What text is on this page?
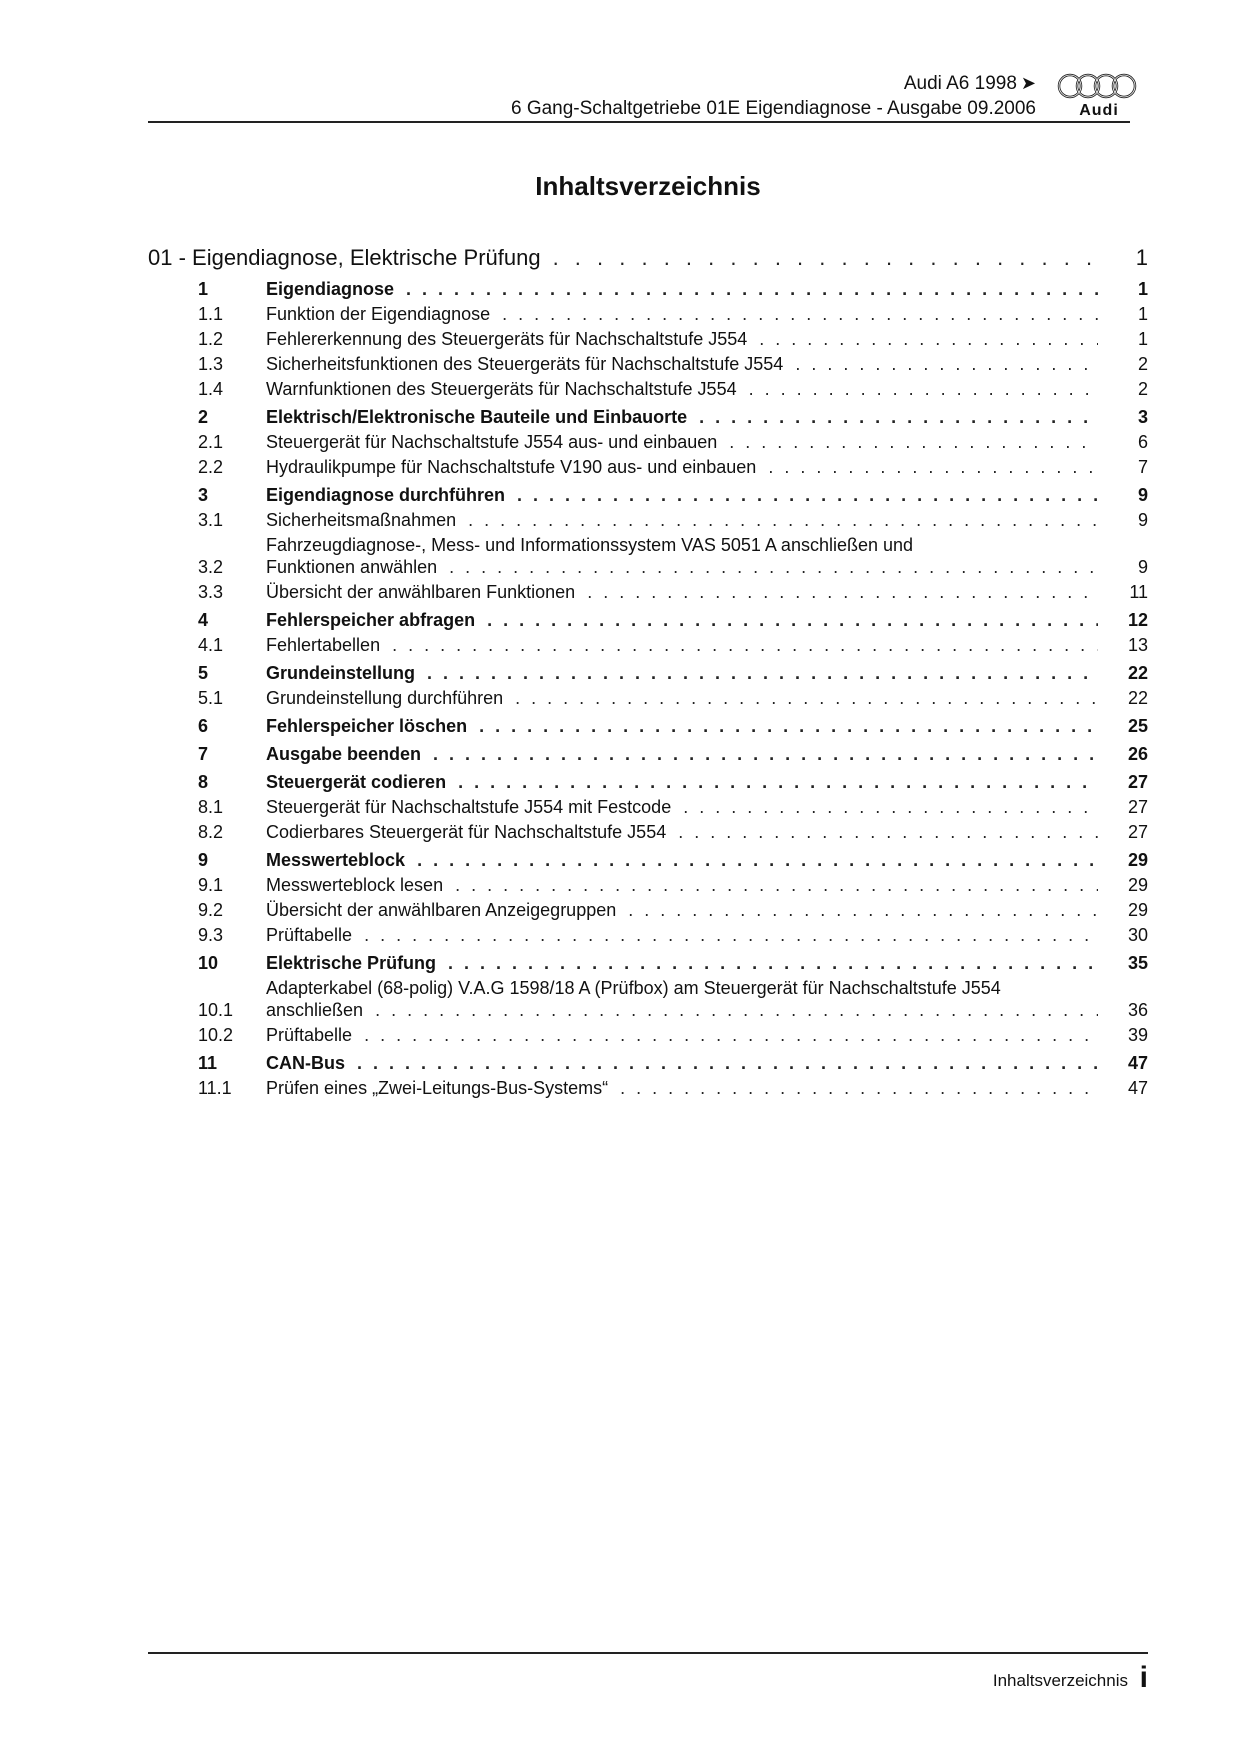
Audi A6 1998 ➤
6 Gang-Schaltgetriebe 01E Eigendiagnose - Ausgabe 09.2006	Audi
Inhaltsverzeichnis
01 - Eigendiagnose, Elektrische Prüfung . . .	1
1	Eigendiagnose . . .	1
1.1	Funktion der Eigendiagnose . . .	1
1.2	Fehlererkennung des Steuergeräts für Nachschaltstufe J554 . . .	1
1.3	Sicherheitsfunktionen des Steuergeräts für Nachschaltstufe J554 . . .	2
1.4	Warnfunktionen des Steuergeräts für Nachschaltstufe J554 . . .	2
2	Elektrisch/Elektronische Bauteile und Einbauorte . . .	3
2.1	Steuergerät für Nachschaltstufe J554 aus- und einbauen . . .	6
2.2	Hydraulikpumpe für Nachschaltstufe V190 aus- und einbauen . . .	7
3	Eigendiagnose durchführen . . .	9
3.1	Sicherheitsmaßnahmen . . .	9
3.2
Fahrzeugdiagnose-, Mess- und Informationssystem VAS 5051 A anschließen und
Funktionen anwählen . . .	9
3.3	Übersicht der anwählbaren Funktionen . . .	11
4	Fehlerspeicher abfragen . . .	12
4.1	Fehlertabellen . . .	13
5	Grundeinstellung . . .	22
5.1	Grundeinstellung durchführen . . .	22
6	Fehlerspeicher löschen . . .	25
7	Ausgabe beenden . . .	26
8	Steuergerät codieren . . .	27
8.1	Steuergerät für Nachschaltstufe J554 mit Festcode . . .	27
8.2	Codierbares Steuergerät für Nachschaltstufe J554 . . .	27
9	Messwerteblock . . .	29
9.1	Messwerteblock lesen . . .	29
9.2	Übersicht der anwählbaren Anzeigegruppen . . .	29
9.3	Prüftabelle . . .	30
10	Elektrische Prüfung . . .	35
10.1
Adapterkabel (68-polig) V.A.G 1598/18 A (Prüfbox) am Steuergerät für Nachschaltstufe J554
anschließen . . .	36
10.2	Prüftabelle . . .	39
11	CAN-Bus . . .	47
11.1	Prüfen eines „Zwei-Leitungs-Bus-Systems“ . . .	47
Inhaltsverzeichnis i
